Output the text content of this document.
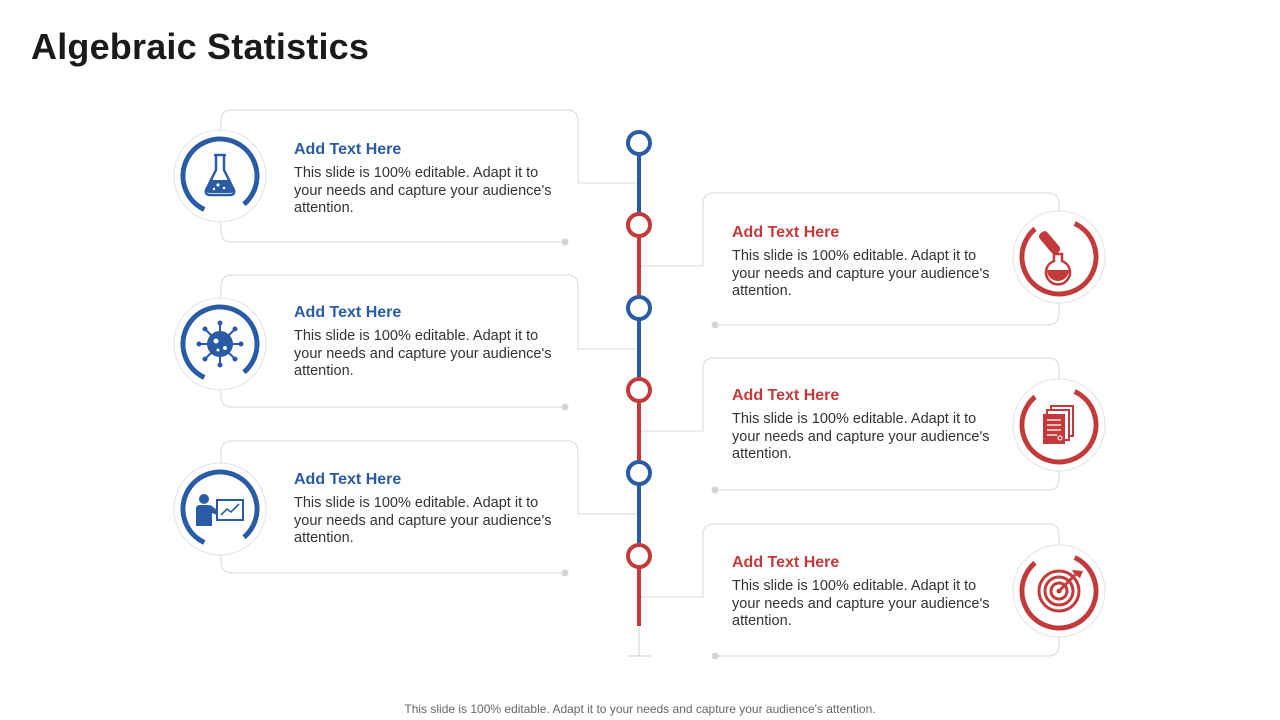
Algebraic Statistics
Add Text Here
This slide is 100% editable. Adapt it to your needs and capture your audience's attention.
Add Text Here
This slide is 100% editable. Adapt it to your needs and capture your audience's attention.
Add Text Here
This slide is 100% editable. Adapt it to your needs and capture your audience's attention.
Add Text Here
This slide is 100% editable. Adapt it to your needs and capture your audience's attention.
Add Text Here
This slide is 100% editable. Adapt it to your needs and capture your audience's attention.
Add Text Here
This slide is 100% editable. Adapt it to your needs and capture your audience's attention.
This slide is 100% editable. Adapt it to your needs and capture your audience's attention.
